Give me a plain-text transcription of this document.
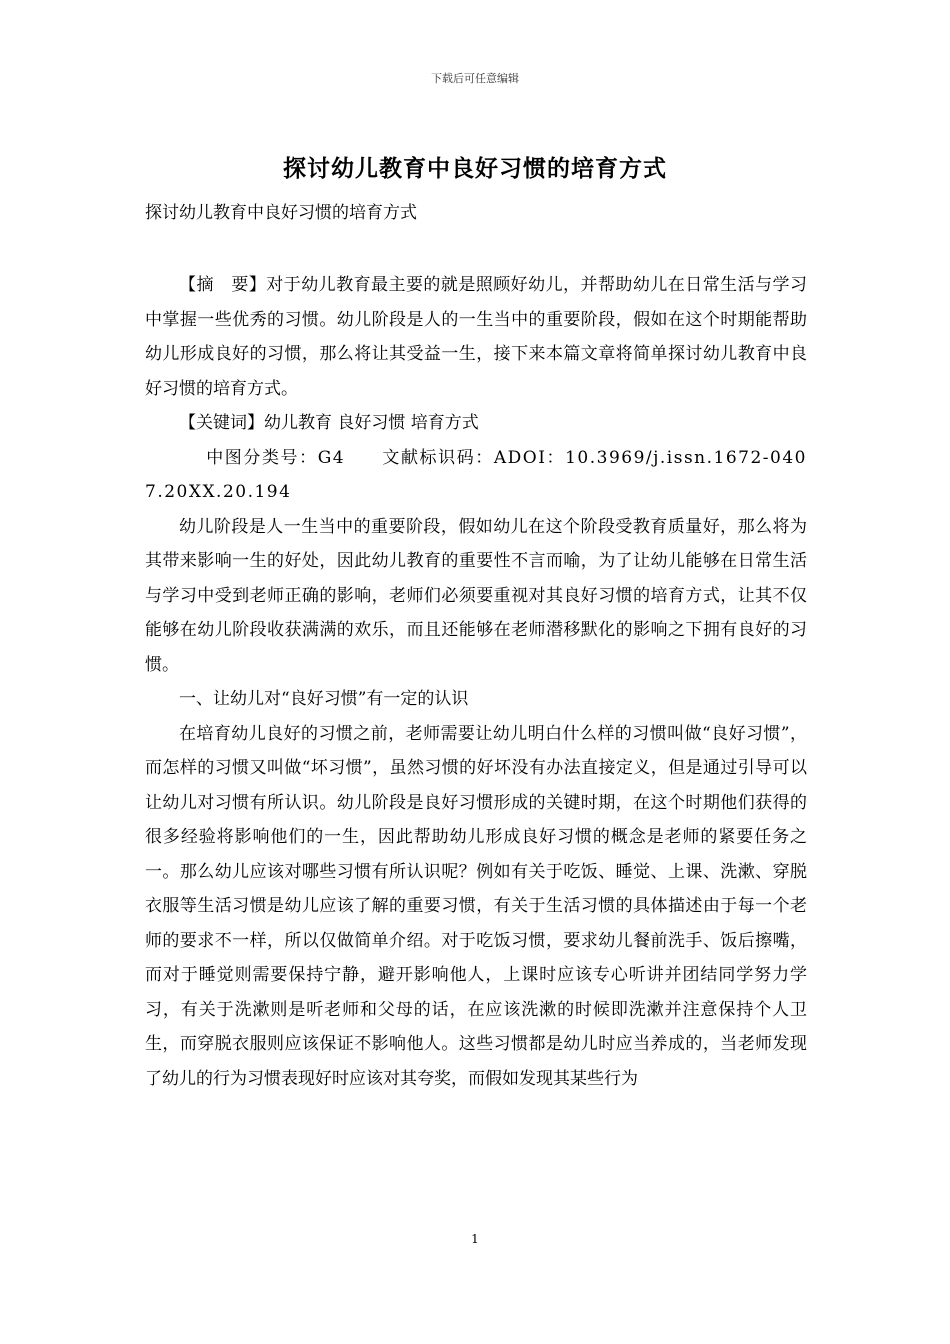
下载后可任意编辑
探讨幼儿教育中良好习惯的培育方式
探讨幼儿教育中良好习惯的培育方式

【摘　要】对于幼儿教育最主要的就是照顾好幼儿，并帮助幼儿在日常生活与学习中掌握一些优秀的习惯。幼儿阶段是人的一生当中的重要阶段，假如在这个时期能帮助幼儿形成良好的习惯，那么将让其受益一生，接下来本篇文章将简单探讨幼儿教育中良好习惯的培育方式。

【关键词】幼儿教育 良好习惯 培育方式

中图分类号：G4　　文献标识码：ADOI：10.3969/j.issn.1672-0407.20XX.20.194

幼儿阶段是人一生当中的重要阶段，假如幼儿在这个阶段受教育质量好，那么将为其带来影响一生的好处，因此幼儿教育的重要性不言而喻，为了让幼儿能够在日常生活与学习中受到老师正确的影响，老师们必须要重视对其良好习惯的培育方式，让其不仅能够在幼儿阶段收获满满的欢乐，而且还能够在老师潜移默化的影响之下拥有良好的习惯。

一、让幼儿对“良好习惯”有一定的认识

在培育幼儿良好的习惯之前，老师需要让幼儿明白什么样的习惯叫做“良好习惯”，而怎样的习惯又叫做“坏习惯”，虽然习惯的好坏没有办法直接定义，但是通过引导可以让幼儿对习惯有所认识。幼儿阶段是良好习惯形成的关键时期，在这个时期他们获得的很多经验将影响他们的一生，因此帮助幼儿形成良好习惯的概念是老师的紧要任务之一。那么幼儿应该对哪些习惯有所认识呢？例如有关于吃饭、睡觉、上课、洗漱、穿脱衣服等生活习惯是幼儿应该了解的重要习惯，有关于生活习惯的具体描述由于每一个老师的要求不一样，所以仅做简单介绍。对于吃饭习惯，要求幼儿餐前洗手、饭后擦嘴，而对于睡觉则需要保持宁静，避开影响他人，上课时应该专心听讲并团结同学努力学习，有关于洗漱则是听老师和父母的话，在应该洗漱的时候即洗漱并注意保持个人卫生，而穿脱衣服则应该保证不影响他人。这些习惯都是幼儿时应当养成的，当老师发现了幼儿的行为习惯表现好时应该对其夸奖，而假如发现其某些行为

1
